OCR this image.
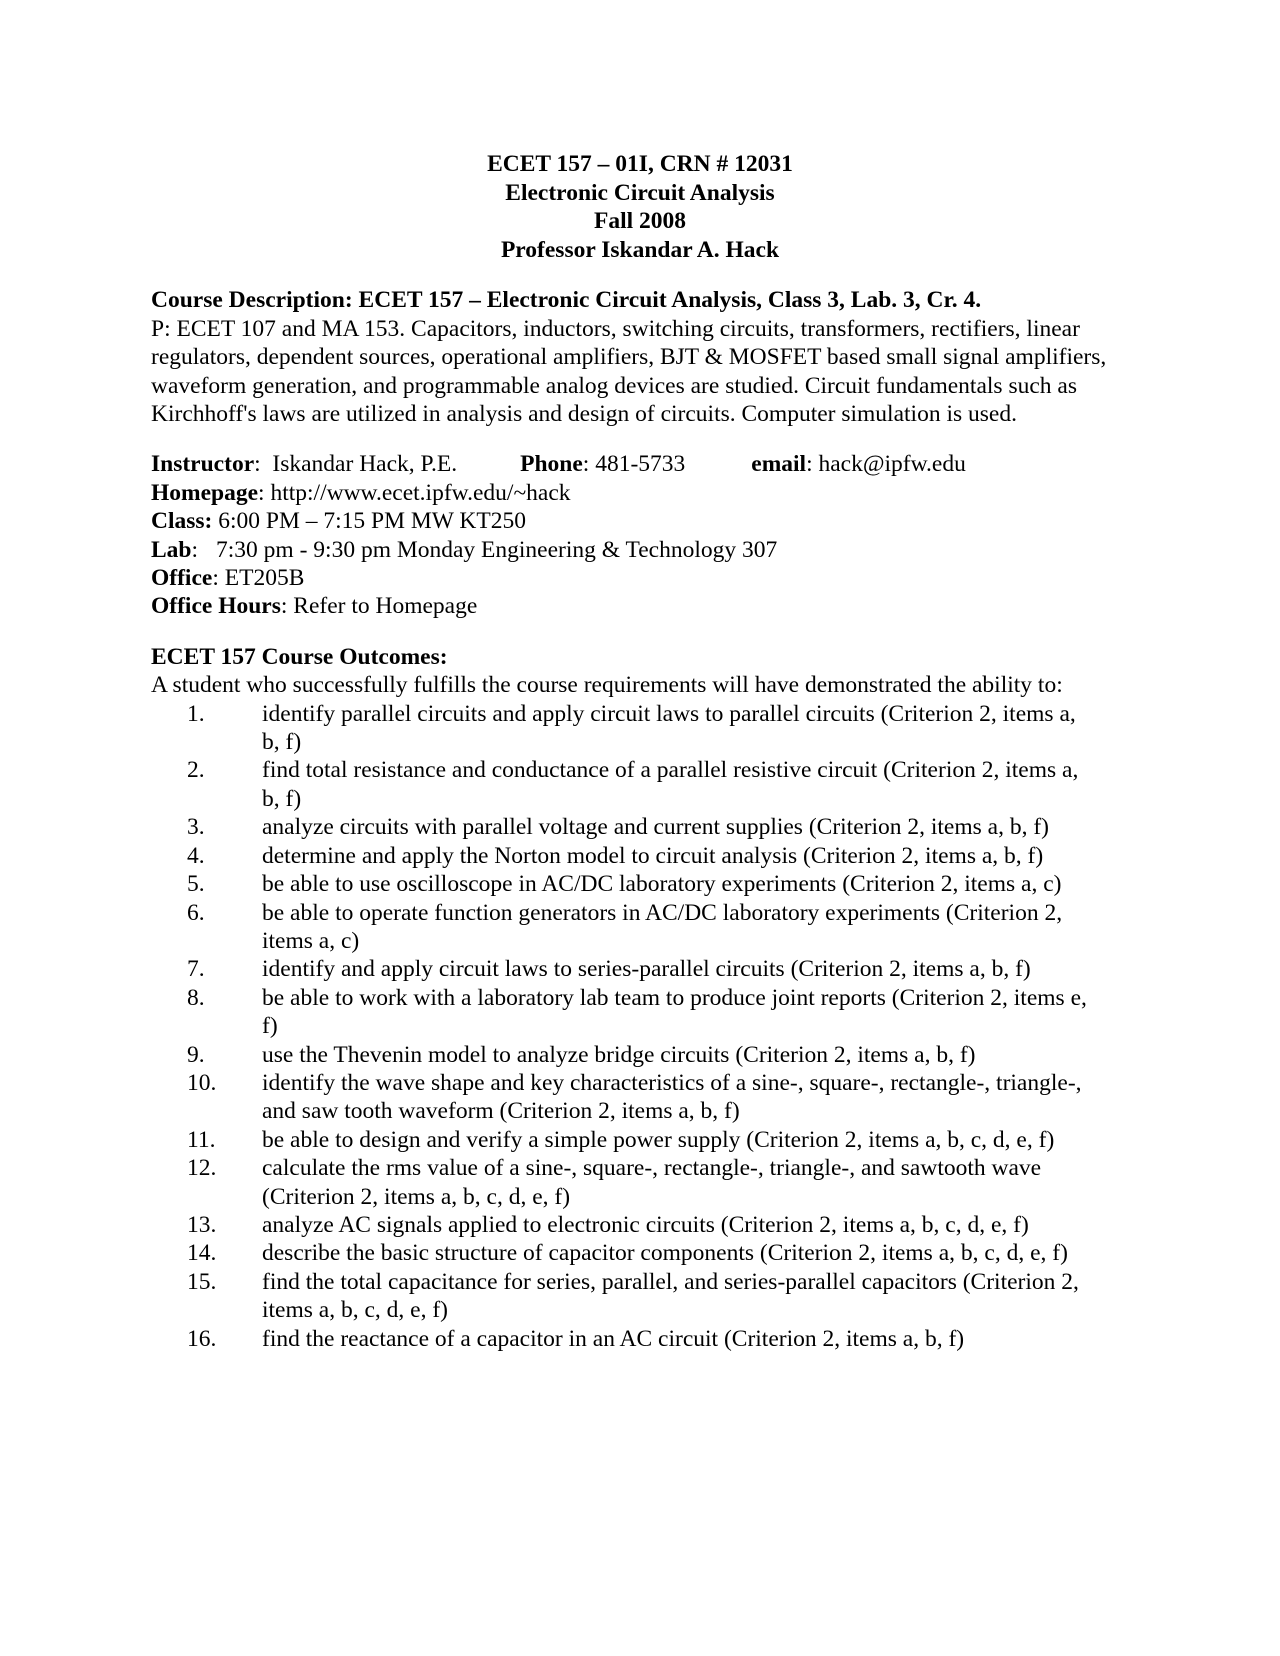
ECET 157 – 01I, CRN # 12031
Electronic Circuit Analysis
Fall 2008
Professor Iskandar A. Hack
Course Description: ECET 157 – Electronic Circuit Analysis, Class 3, Lab. 3, Cr. 4.

P: ECET 107 and MA 153. Capacitors, inductors, switching circuits, transformers, rectifiers, linear regulators, dependent sources, operational amplifiers, BJT & MOSFET based small signal amplifiers, waveform generation, and programmable analog devices are studied. Circuit fundamentals such as Kirchhoff's laws are utilized in analysis and design of circuits. Computer simulation is used.

Instructor:  Iskandar Hack, P.E.	Phone: 481-5733	email: hack@ipfw.edu
Homepage: http://www.ecet.ipfw.edu/~hack
Class: 6:00 PM – 7:15 PM MW KT250
Lab: 7:30 pm - 9:30 pm Monday Engineering & Technology 307
Office: ET205B
Office Hours: Refer to Homepage
ECET 157 Course Outcomes:
A student who successfully fulfills the course requirements will have demonstrated the ability to:
1.	identify parallel circuits and apply circuit laws to parallel circuits (Criterion 2, items a, b, f)
2.	find total resistance and conductance of a parallel resistive circuit (Criterion 2, items a, b, f)
3.	analyze circuits with parallel voltage and current supplies (Criterion 2, items a, b, f)
4.	determine and apply the Norton model to circuit analysis (Criterion 2, items a, b, f)
5.	be able to use oscilloscope in AC/DC laboratory experiments (Criterion 2, items a, c)
6.	be able to operate function generators in AC/DC laboratory experiments (Criterion 2, items a, c)
7.	identify and apply circuit laws to series-parallel circuits (Criterion 2, items a, b, f)
8.	be able to work with a laboratory lab team to produce joint reports (Criterion 2, items e, f)
9.	use the Thevenin model to analyze bridge circuits (Criterion 2, items a, b, f)
10.	identify the wave shape and key characteristics of a sine-, square-, rectangle-, triangle-, and saw tooth waveform (Criterion 2, items a, b, f)
11.	be able to design and verify a simple power supply (Criterion 2, items a, b, c, d, e, f)
12.	calculate the rms value of a sine-, square-, rectangle-, triangle-, and sawtooth wave (Criterion 2, items a, b, c, d, e, f)
13.	analyze AC signals applied to electronic circuits (Criterion 2, items a, b, c, d, e, f)
14.	describe the basic structure of capacitor components (Criterion 2, items a, b, c, d, e, f)
15.	find the total capacitance for series, parallel, and series-parallel capacitors (Criterion 2, items a, b, c, d, e, f)
16.	find the reactance of a capacitor in an AC circuit (Criterion 2, items a, b, f)
